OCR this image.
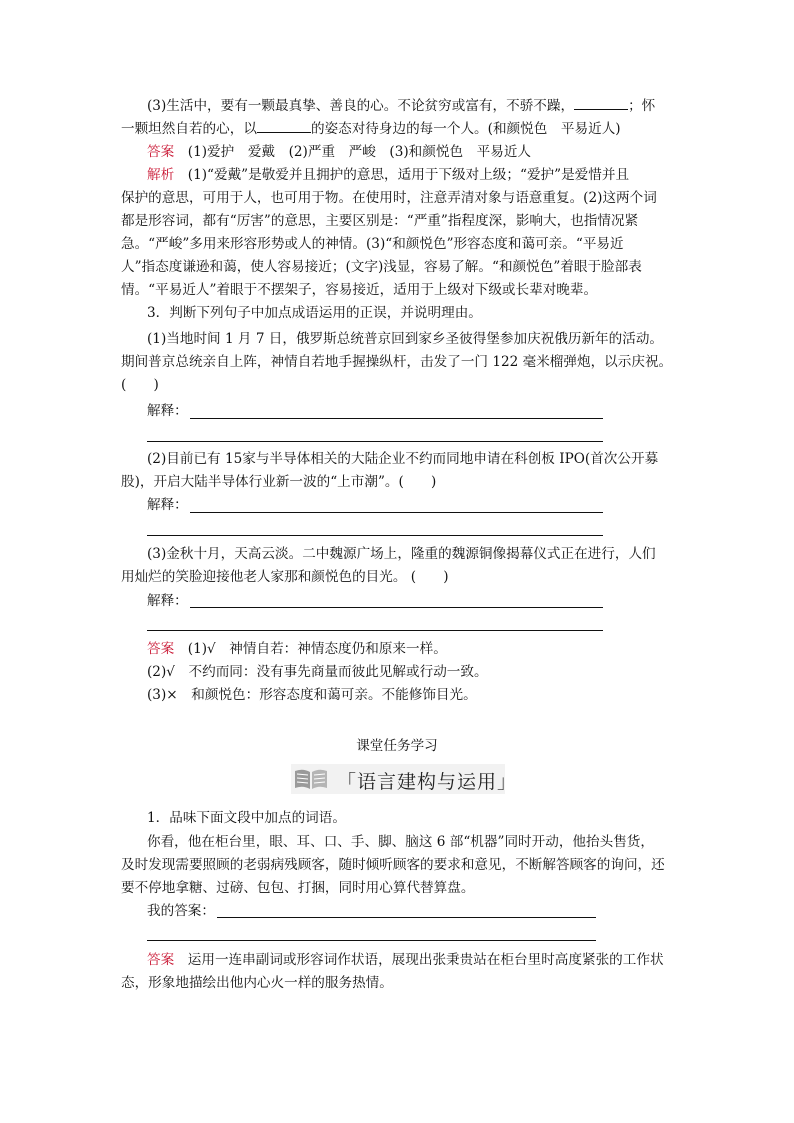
(3)生活中，要有一颗最真挚、善良的心。不论贫穷或富有，不骄不躁，	；怀
一颗坦然自若的心，以	的姿态对待身边的每一个人。(和颜悦色　平易近人)
答案　(1)爱护　爱戴　(2)严重　严峻　(3)和颜悦色　平易近人
解析　(1)“爱戴”是敬爱并且拥护的意思，适用于下级对上级；“爱护”是爱惜并且
保护的意思，可用于人，也可用于物。在使用时，注意弄清对象与语意重复。(2)这两个词
都是形容词，都有“厉害”的意思，主要区别是：“严重”指程度深，影响大，也指情况紧
急。“严峻”多用来形容形势或人的神情。(3)“和颜悦色”形容态度和蔼可亲。“平易近
人”指态度谦逊和蔼，使人容易接近；(文字)浅显，容易了解。“和颜悦色”着眼于脸部表
情。“平易近人”着眼于不摆架子，容易接近，适用于上级对下级或长辈对晚辈。
3．判断下列句子中加点成语运用的正误，并说明理由。
(1)当地时间 1 月 7 日，俄罗斯总统普京回到家乡圣彼得堡参加庆祝俄历新年的活动。
期间普京总统亲自上阵，神情自若地手握操纵杆，击发了一门 122 毫米榴弹炮，以示庆祝。
(　　)
解释：
(2)目前已有 15家与半导体相关的大陆企业不约而同地申请在科创板 IPO(首次公开募
股)，开启大陆半导体行业新一波的“上市潮”。(　　)
解释：
(3)金秋十月，天高云淡。二中魏源广场上，隆重的魏源铜像揭幕仪式正在进行，人们
用灿烂的笑脸迎接他老人家那和颜悦色的目光。 (　　)
解释：
答案　(1)√　神情自若：神情态度仍和原来一样。
(2)√　不约而同：没有事先商量而彼此见解或行动一致。
(3)×　和颜悦色：形容态度和蔼可亲。不能修饰目光。
课堂任务学习
「语言建构与运用」
1．品味下面文段中加点的词语。
你看，他在柜台里，眼、耳、口、手、脚、脑这 6 部“机器”同时开动，他抬头售货，
及时发现需要照顾的老弱病残顾客，随时倾听顾客的要求和意见，不断解答顾客的询问，还
要不停地拿糖、过磅、包包、打捆，同时用心算代替算盘。
我的答案：
答案　运用一连串副词或形容词作状语，展现出张秉贵站在柜台里时高度紧张的工作状
态，形象地描绘出他内心火一样的服务热情。
